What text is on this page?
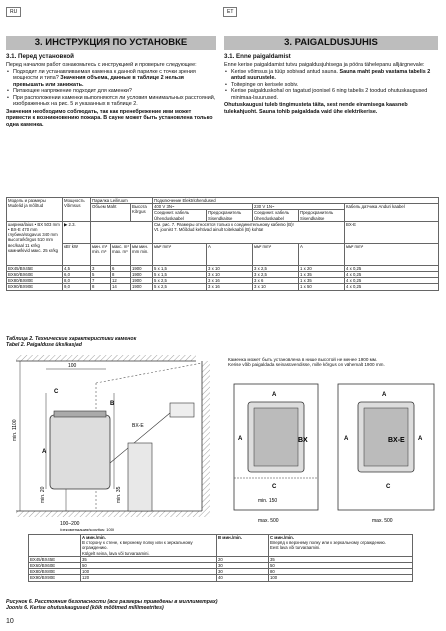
RU	ET
3. ИНСТРУКЦИЯ ПО УСТАНОВКЕ	3. PAIGALDUSJUHIS
3.1. Перед установкой

Перед началом работ ознакомьтесь с инструкцией и проверьте следующее:

• Подходит ли устанавливаемая каменка к данной парилке с точки зрения мощности и типа? Значения объема, данные в таблице 2 нельзя превышать или занижать.
• Питающее напряжение подходит для каменки?
• При расположении каменки выполняются ли условия минимальных расстояний, изображенных на рис. 5 и указанных в таблице 2.

Значения необходимо соблюдать, так как пренебрежение ими может привести к возникновению пожара. В сауне может быть установлена только одна каменка.

3.1. Enne paigaldamist

Enne kerise paigaldamist tutvu paigaldusjuhisega ja pööra tähelepanu alljärgnevale:

• Kerise võimsus ja tüüp sobivad antud sauna. Sauna maht peab vastama tabelis 2 antud suurustele.
• Toitepinge on kerisele sobiv.
• Kerise paigalduskohal on tagatud joonisel 6 ning tabelis 2 toodud ohutuskaugused minimaa-lsuurused.

Ohutuskaugusi tuleb tingimusteta täita, sest nende eiramisega kaasneb tulekahjuoht. Sauna tohib paigaldada vaid ühe elektrikerise.

Модель и размеры Mudelid ja mõõtud	Мощность Võimsus	Парилка Leiliruum			Подключение Elektriühendused				
		Объем Maht		Высота Kõrgus	400 V 3N~		230 V 1N~		Кабель датчика Anduri kaabel
					Соединит. кабель Ühenduskaabel	Предохранитель Sisendkaitse	Соединит. кабель Ühenduskaabel	Предохранитель Sisendkaitse	
ширина/laius • BX 503 mm • BX-E 470 mm глубина/sügavus 340 mm высота/kõrgus 510 mm вес/kaal 11 кг/kg камни/kivid макс. 25 кг/kg	▶ 2.3.				См. рис. 7. Размеры относятся только к соединительному кабелю (B)!
Vt. joonist 7. Mõõdud kehtivad ainult toitekaabli (B) kohta!				BX-E
	кВт kW	мин. m³ min. m³	макс. m³ max. m³	мм мин. mm min.	мм² mm²	A	мм² mm²	A	мм² mm²
BX45/BX45E	4,5	3	6	1900	5 x 1,5	3 x 10	3 x 2,5	1 x 20	4 x 0,25
BX60/BX60E	6,0	5	8	1900	5 x 1,5	3 x 10	3 x 2,5	1 x 35	4 x 0,25
BX80/BX80E	8,0	7	12	1900	5 x 2,5	3 x 16	3 x 6	1 x 35	4 x 0,25
BX90/BX90E	9,0	8	14	1900	5 x 2,5	3 x 16	3 x 10	1 x 50	4 x 0,25
Таблица 2. Технические характеристики каменок
Tabel 2. Paigalduse üksikasjad
100
min. 1100
min. 20	min. 35
C
B
A
BX-E
100–200
(рекомендация/soovitus: 100)
Каменка может быть установлена в нише высотой не менее 1900 мм.
Kerise võib paigaldada seinasüvendisse, mille kõrgus on vähemalt 1900 mm.
A
A
C
BX
min. 150
max. 500
A
A	A
BX-E
C
max. 500
	A мин./min.
В сторону к стене, к верхнему полку или к зеркальному ограждению.
Külgelt seina, lava või turvaraamini.	B мин./min.	C мин./min.
Вперёд к верхнему полку или к зеркальному ограждению.
Eest lava või turvaraamini.
BX45/BX45E	35	20	35
BX60/BX60E	50	30	50
BX80/BX80E	100	30	80
BX90/BX90E	120	40	100
Рисунок 6. Расстояния безопасности (все размеры приведены в миллиметрах)
Joonis 6. Kerise ohutuskaugused (kõik mõõtmed millimeetrites)
10
